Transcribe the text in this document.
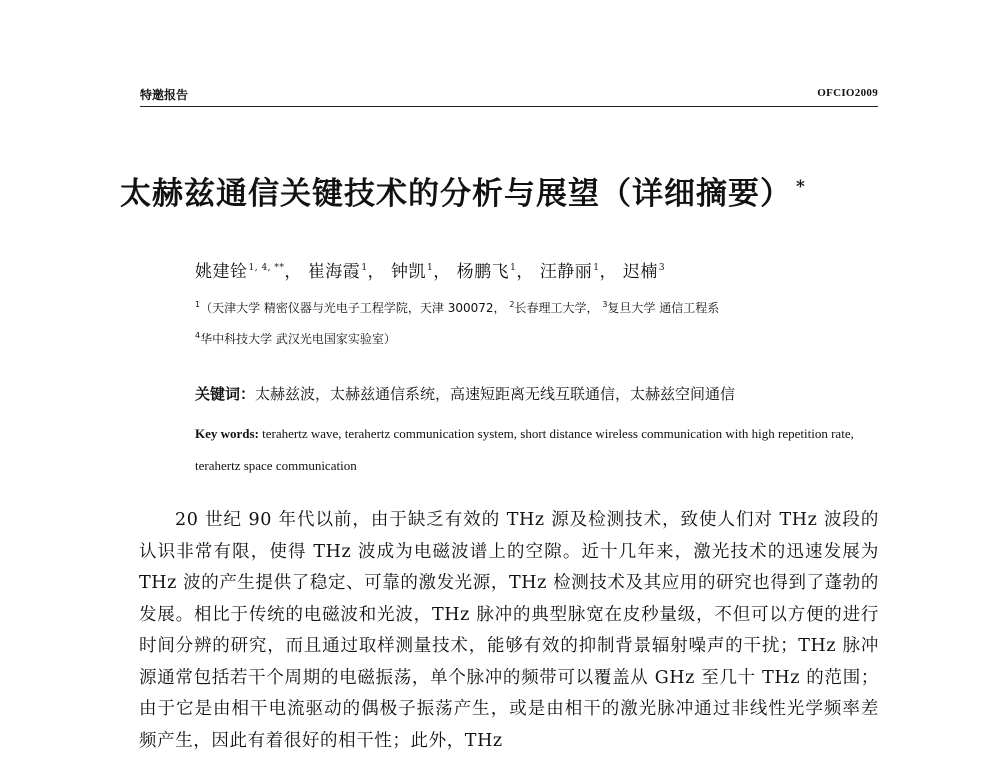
特邀报告	OFCIO2009
太赫兹通信关键技术的分析与展望（详细摘要） *
姚建铨$^{1, 4, **}$， 崔海霞$^1$， 钟凯$^1$， 杨鹏飞$^1$， 汪静丽$^1$， 迟楠$^3$
$^1$（天津大学 精密仪器与光电子工程学院，天津 300072， $^2$长春理工大学， $^3$复旦大学 通信工程系
$^4$华中科技大学 武汉光电国家实验室）
关键词：太赫兹波，太赫兹通信系统，高速短距离无线互联通信，太赫兹空间通信
Key words: terahertz wave, terahertz communication system, short distance wireless communication with high repetition rate, terahertz space communication
20 世纪 90 年代以前，由于缺乏有效的 THz 源及检测技术，致使人们对 THz 波段的认识非常有限，使得 THz 波成为电磁波谱上的空隙。近十几年来，激光技术的迅速发展为 THz 波的产生提供了稳定、可靠的激发光源，THz 检测技术及其应用的研究也得到了蓬勃的发展。相比于传统的电磁波和光波，THz 脉冲的典型脉宽在皮秒量级，不但可以方便的进行时间分辨的研究，而且通过取样测量技术，能够有效的抑制背景辐射噪声的干扰；THz 脉冲源通常包括若干个周期的电磁振荡，单个脉冲的频带可以覆盖从 GHz 至几十 THz 的范围；由于它是由相干电流驱动的偶极子振荡产生，或是由相干的激光脉冲通过非线性光学频率差频产生，因此有着很好的相干性；此外，THz
